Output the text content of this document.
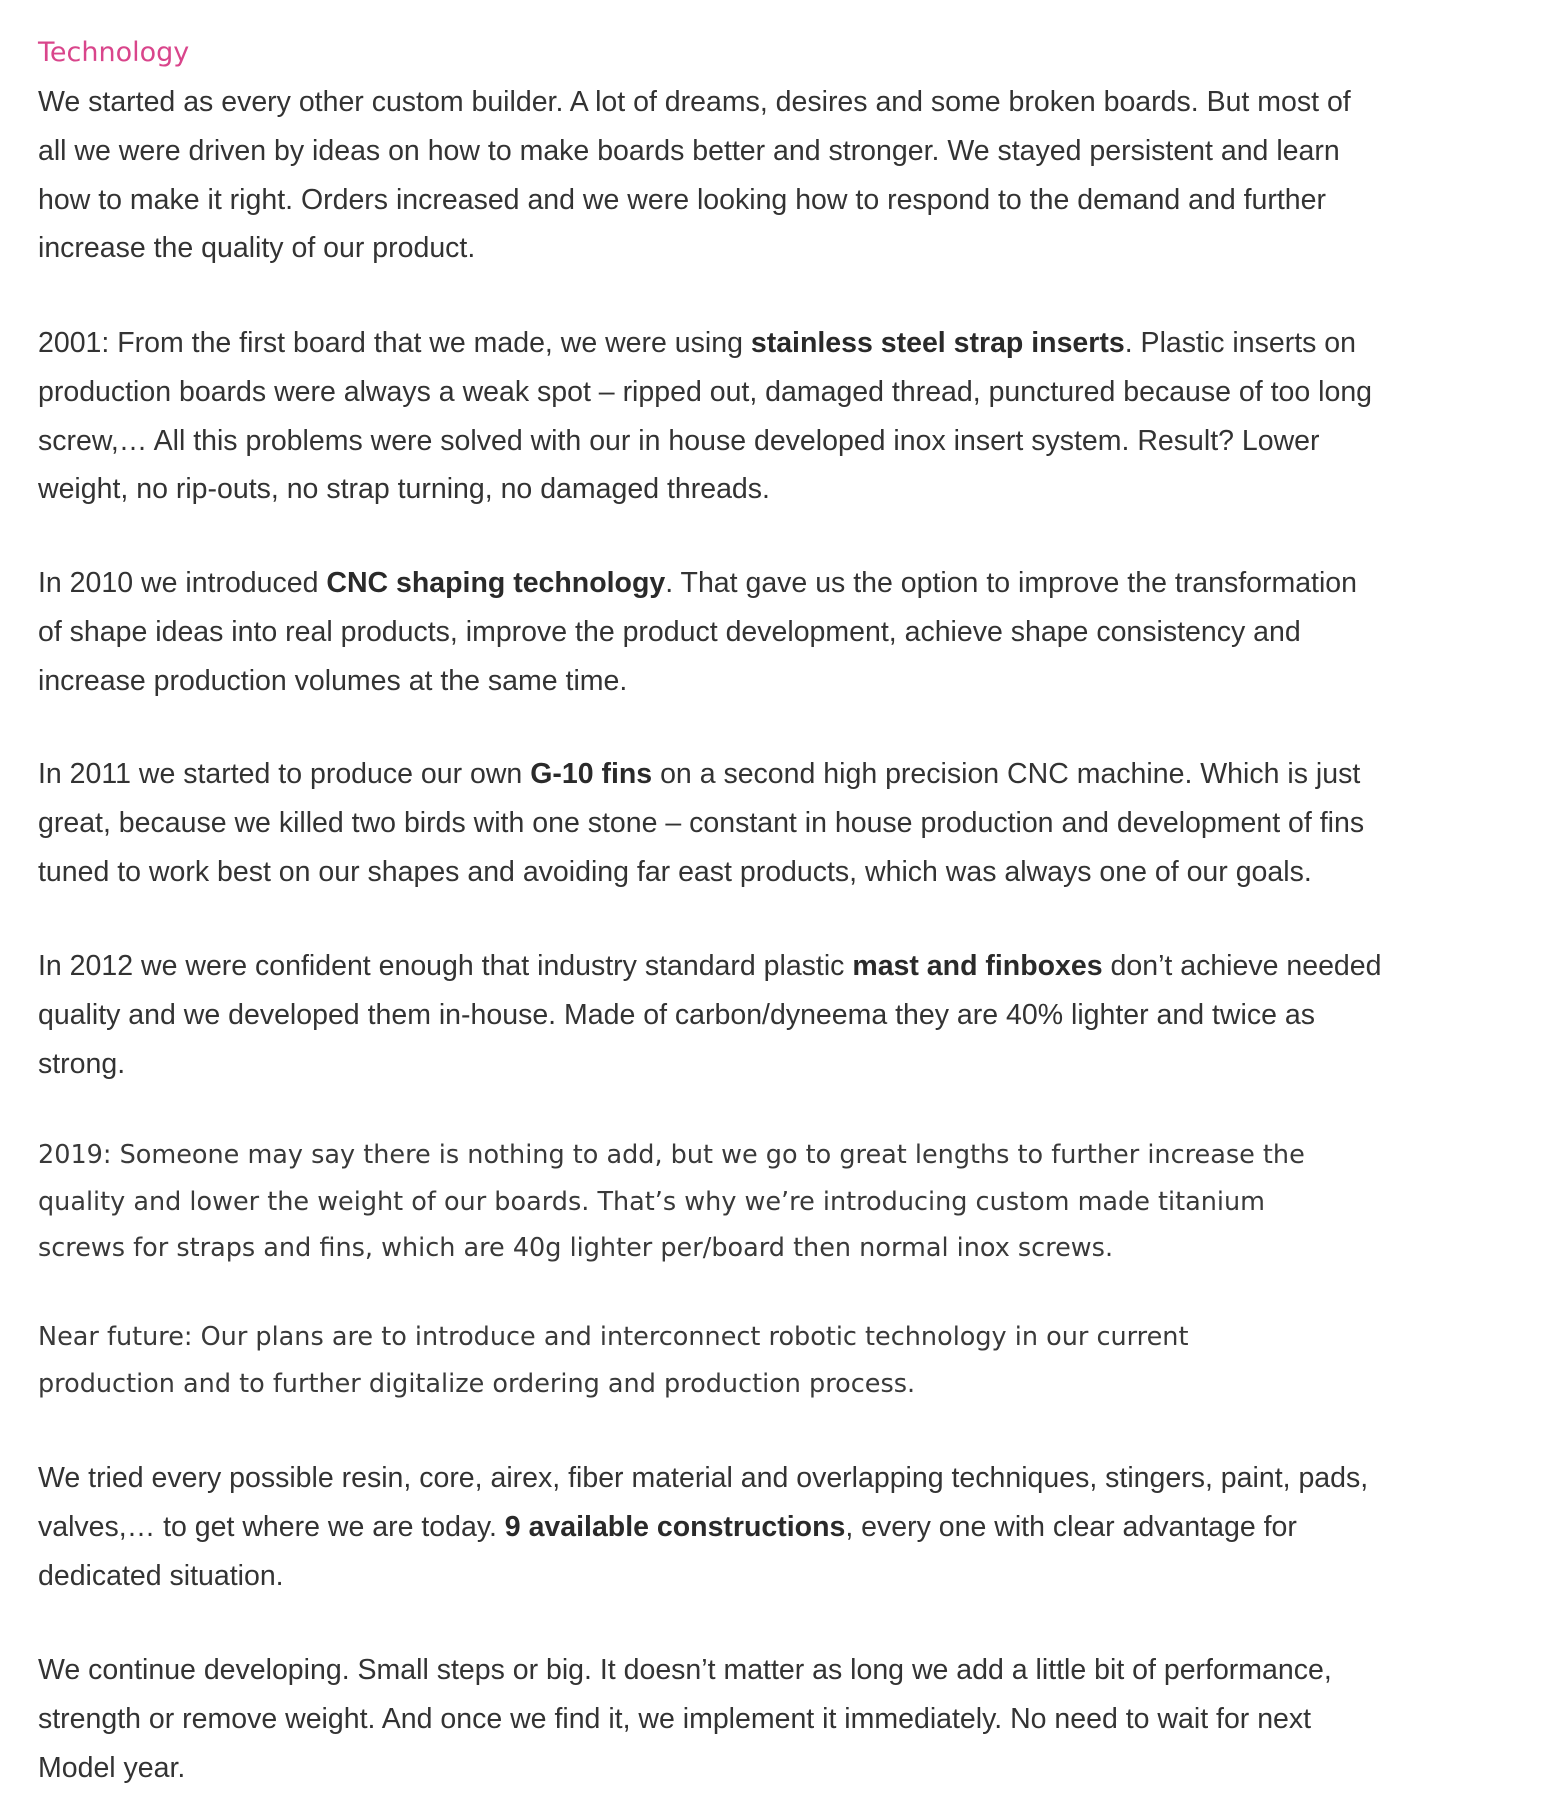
Technology
We started as every other custom builder. A lot of dreams, desires and some broken boards. But most of
all we were driven by ideas on how to make boards better and stronger. We stayed persistent and learn
how to make it right. Orders increased and we were looking how to respond to the demand and further
increase the quality of our product.
2001: From the first board that we made, we were using stainless steel strap inserts. Plastic inserts on
production boards were always a weak spot – ripped out, damaged thread, punctured because of too long
screw,… All this problems were solved with our in house developed inox insert system. Result? Lower
weight, no rip-outs, no strap turning, no damaged threads.
In 2010 we introduced CNC shaping technology. That gave us the option to improve the transformation
of shape ideas into real products, improve the product development, achieve shape consistency and
increase production volumes at the same time.
In 2011 we started to produce our own G-10 fins on a second high precision CNC machine. Which is just
great, because we killed two birds with one stone – constant in house production and development of fins
tuned to work best on our shapes and avoiding far east products, which was always one of our goals.
In 2012 we were confident enough that industry standard plastic mast and finboxes don’t achieve needed
quality and we developed them in-house. Made of carbon/dyneema they are 40% lighter and twice as
strong.
2019: Someone may say there is nothing to add, but we go to great lengths to further increase the
quality and lower the weight of our boards. That’s why we’re introducing custom made titanium
screws for straps and fins, which are 40g lighter per/board then normal inox screws.
Near future: Our plans are to introduce and interconnect robotic technology in our current
production and to further digitalize ordering and production process.
We tried every possible resin, core, airex, fiber material and overlapping techniques, stingers, paint, pads,
valves,… to get where we are today. 9 available constructions, every one with clear advantage for
dedicated situation.
We continue developing. Small steps or big. It doesn’t matter as long we add a little bit of performance,
strength or remove weight. And once we find it, we implement it immediately. No need to wait for next
Model year.
